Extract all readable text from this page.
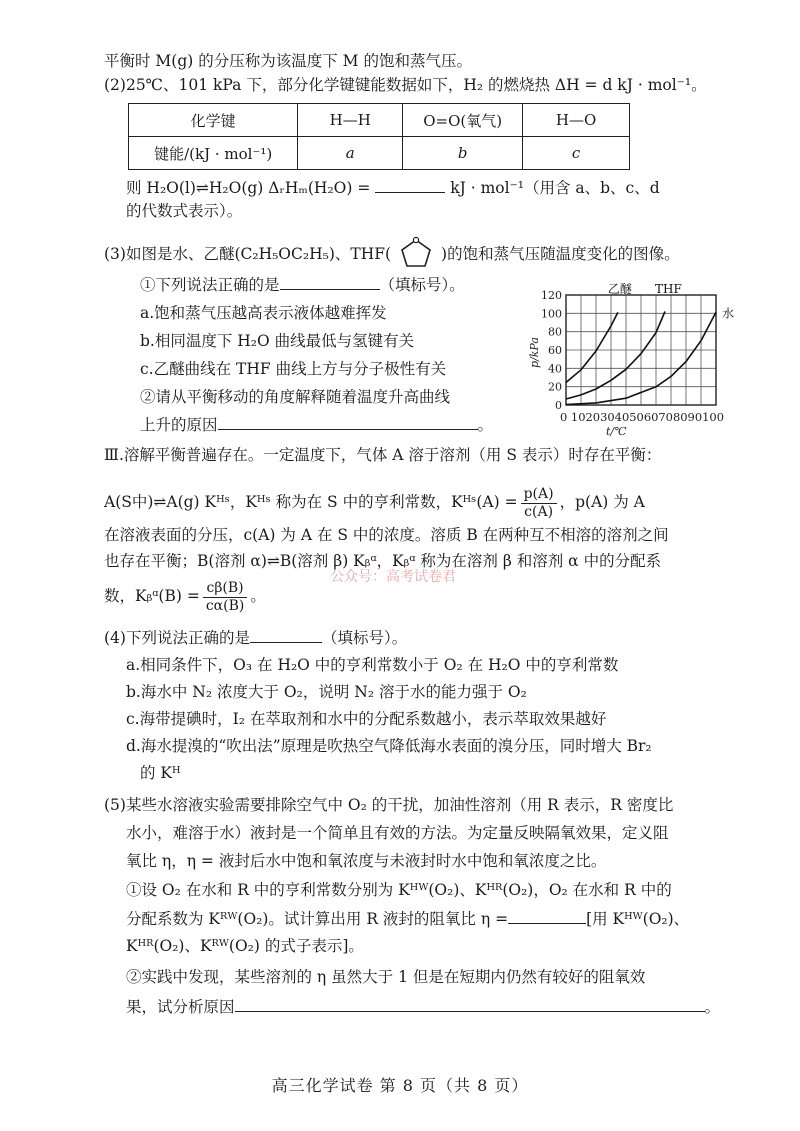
平衡时 M(g) 的分压称为该温度下 M 的饱和蒸气压。
(2)25℃、101 kPa 下，部分化学键键能数据如下，H₂ 的燃烧热 ΔH = d kJ · mol⁻¹。
化学键	H—H	O=O(氧气)	H—O
键能/(kJ · mol⁻¹)	a	b	c
则 H₂O(l)⇌H₂O(g) ΔᵣHₘ(H₂O) =	kJ · mol⁻¹（用含 a、b、c、d
的代数式表示）。
(3)如图是水、乙醚(C₂H₅OC₂H₅)、THF(	)的饱和蒸气压随温度变化的图像。
①下列说法正确的是	（填标号）。
a.饱和蒸气压越高表示液体越难挥发
b.相同温度下 H₂O 曲线最低与氢键有关
c.乙醚曲线在 THF 曲线上方与分子极性有关
②请从平衡移动的角度解释随着温度升高曲线
上升的原因	。
0
20
40
60
80
100
120
0 102030405060708090100
t/℃
p/kPa
乙醚 THF
水
Ⅲ.溶解平衡普遍存在。一定温度下，气体 A 溶于溶剂（用 S 表示）时存在平衡：
A(S中)⇌A(g) Kᴴˢ，Kᴴˢ 称为在 S 中的亨利常数，Kᴴˢ(A) = $\frac{p(A)}{c(A)}$ ，p(A) 为 A
在溶液表面的分压，c(A) 为 A 在 S 中的浓度。溶质 B 在两种互不相溶的溶剂之间
也存在平衡；B(溶剂 α)⇌B(溶剂 β) Kᵦᵅ，Kᵦᵅ 称为在溶剂 β 和溶剂 α 中的分配系
数，Kᵦᵅ(B) = $\frac{c\beta(B)}{c\alpha(B)}$ 。
公众号：高考试卷君
(4)下列说法正确的是	（填标号）。
a.相同条件下，O₃ 在 H₂O 中的亨利常数小于 O₂ 在 H₂O 中的亨利常数
b.海水中 N₂ 浓度大于 O₂，说明 N₂ 溶于水的能力强于 O₂
c.海带提碘时，I₂ 在萃取剂和水中的分配系数越小，表示萃取效果越好
d.海水提溴的“吹出法”原理是吹热空气降低海水表面的溴分压，同时增大 Br₂
的 Kᴴ
(5)某些水溶液实验需要排除空气中 O₂ 的干扰，加油性溶剂（用 R 表示，R 密度比
水小，难溶于水）液封是一个简单且有效的方法。为定量反映隔氧效果，定义阻
氧比 η，η = 液封后水中饱和氧浓度与未液封时水中饱和氧浓度之比。
①设 O₂ 在水和 R 中的亨利常数分别为 Kᴴᵂ(O₂)、Kᴴᴿ(O₂)，O₂ 在水和 R 中的
分配系数为 Kᴿᵂ(O₂)。试计算出用 R 液封的阻氧比 η =	[用 Kᴴᵂ(O₂)、
Kᴴᴿ(O₂)、Kᴿᵂ(O₂) 的式子表示]。
②实践中发现，某些溶剂的 η 虽然大于 1 但是在短期内仍然有较好的阻氧效
果，试分析原因	。
高三化学试卷 第 8 页（共 8 页）
